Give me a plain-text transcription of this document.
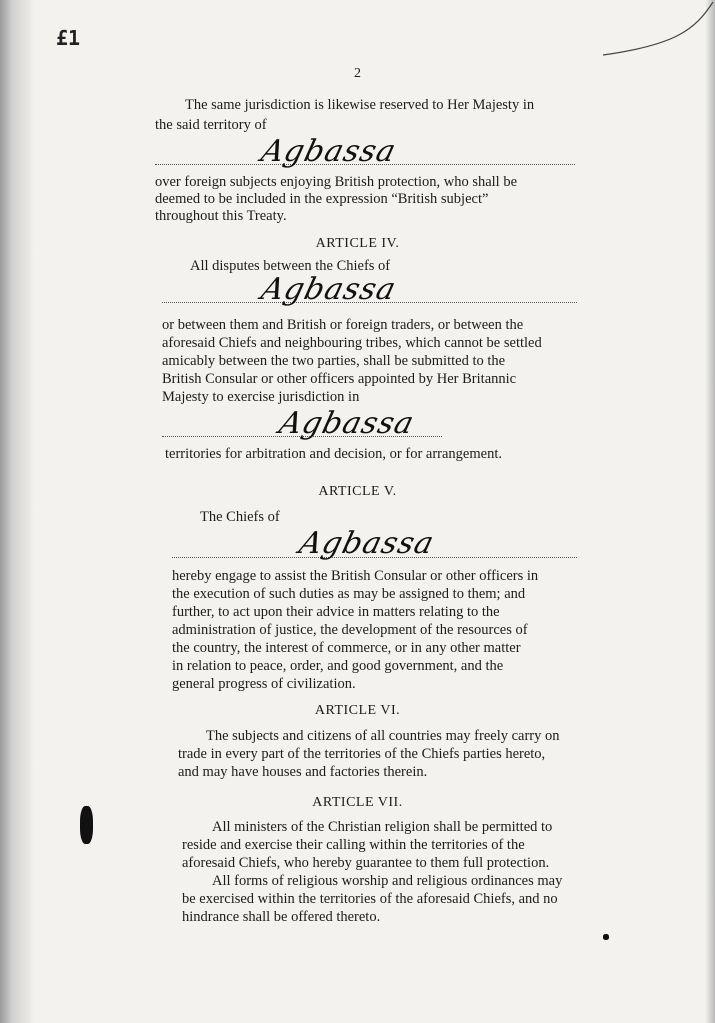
£1
2
The same jurisdiction is likewise reserved to Her Majesty in
the said territory of
Agbassa
over foreign subjects enjoying British protection, who shall be
deemed to be included in the expression “British subject”
throughout this Treaty.
ARTICLE IV.
All disputes between the Chiefs of
Agbassa
or between them and British or foreign traders, or between the
aforesaid Chiefs and neighbouring tribes, which cannot be settled
amicably between the two parties, shall be submitted to the
British Consular or other officers appointed by Her Britannic
Majesty to exercise jurisdiction in
Agbassa
territories for arbitration and decision, or for arrangement.
ARTICLE V.
The Chiefs of
Agbassa
hereby engage to assist the British Consular or other officers in
the execution of such duties as may be assigned to them; and
further, to act upon their advice in matters relating to the
administration of justice, the development of the resources of
the country, the interest of commerce, or in any other matter
in relation to peace, order, and good government, and the
general progress of civilization.
ARTICLE VI.
The subjects and citizens of all countries may freely carry on
trade in every part of the territories of the Chiefs parties hereto,
and may have houses and factories therein.
ARTICLE VII.
All ministers of the Christian religion shall be permitted to
reside and exercise their calling within the territories of the
aforesaid Chiefs, who hereby guarantee to them full protection.
All forms of religious worship and religious ordinances may
be exercised within the territories of the aforesaid Chiefs, and no
hindrance shall be offered thereto.
